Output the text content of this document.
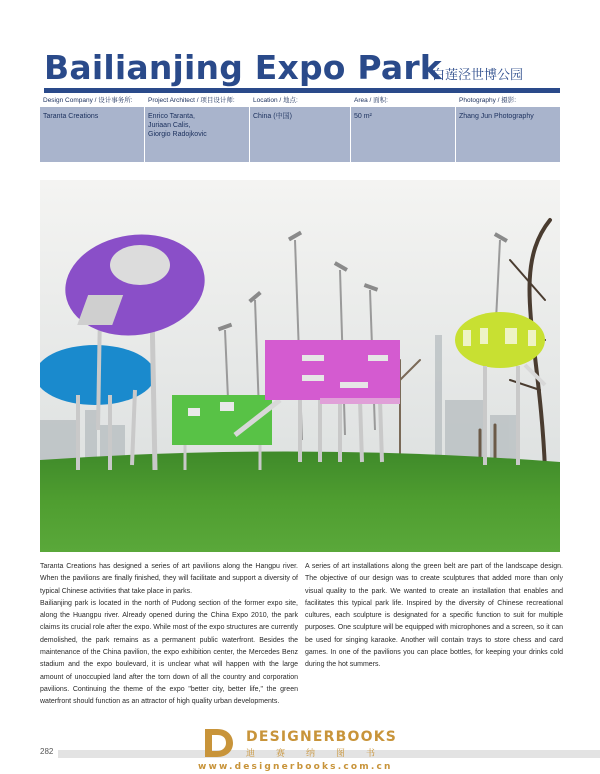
Bailianjing Expo Park
白莲泾世博公园
Design Company / 设计事务所:
Taranta Creations
Project Architect / 项目设计师:
Enrico Taranta,
Juriaan Calis,
Giorgio Radojkovic
Location / 地点:
China (中国)
Area / 面积:
50 m²
Photography / 摄影:
Zhang Jun Photography

Taranta Creations has designed a series of art pavilions along the Hangpu river. When the pavilions are finally finished, they will facilitate and support a diversity of typical Chinese activities that take place in parks.

Bailianjing park is located in the north of Pudong section of the former expo site, along the Huangpu river. Already opened during the China Expo 2010, the park claims its crucial role after the expo. While most of the expo structures are currently demolished, the park remains as a permanent public waterfront. Besides the maintenance of the China pavilion, the expo exhibition center, the Mercedes Benz stadium and the expo boulevard, it is unclear what will happen with the large amount of unoccupied land after the torn down of all the country and corporation pavilions. Continuing the theme of the expo "better city, better life," the green waterfront should function as an attractor of high quality urban developments.

A series of art installations along the green belt are part of the landscape design. The objective of our design was to create sculptures that added more than only visual quality to the park. We wanted to create an installation that enables and facilitates this typical park life. Inspired by the diversity of Chinese recreational cultures, each sculpture is designated for a specific function to suit for multiple purposes. One sculpture will be equipped with microphones and a screen, so it can be used for singing karaoke. Another will contain trays to store chess and card games. In one of the pavilions you can place bottles, for keeping your drinks cold during the hot summers.

282
DESIGNERBOOKS
迪赛纳图书
www.designerbooks.com.cn
